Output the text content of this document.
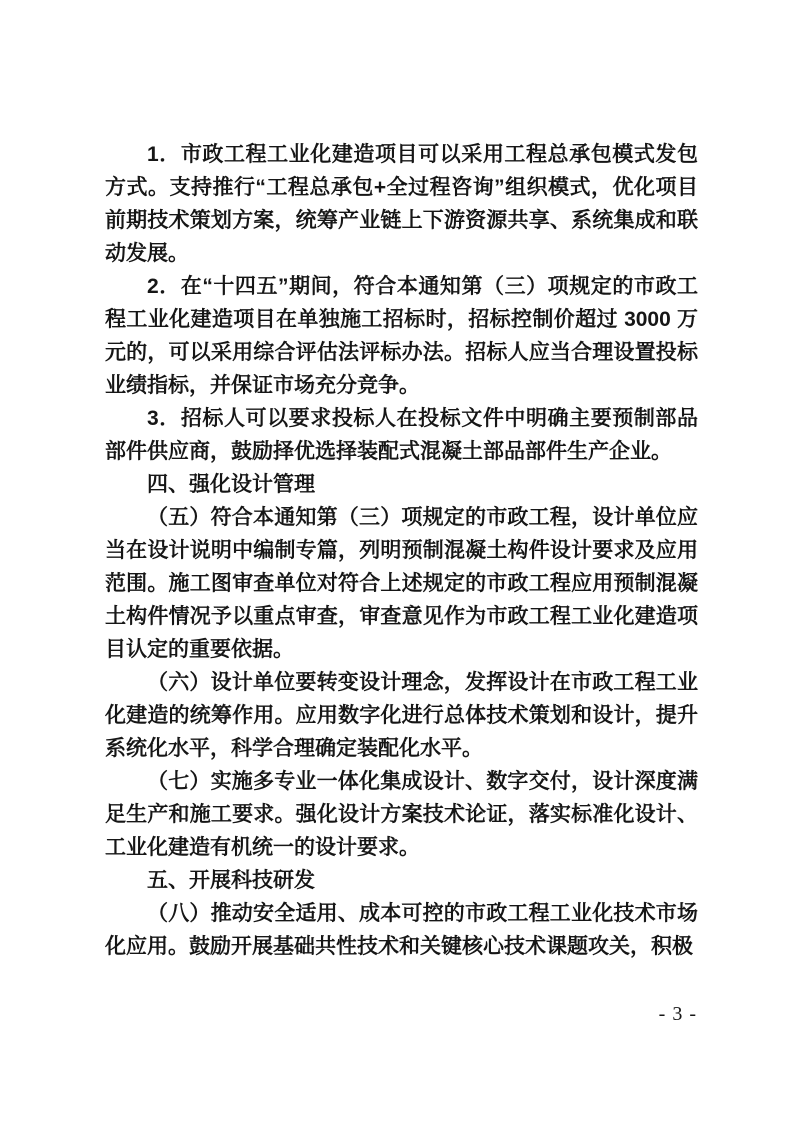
1．市政工程工业化建造项目可以采用工程总承包模式发包方式。支持推行“工程总承包+全过程咨询”组织模式，优化项目前期技术策划方案，统筹产业链上下游资源共享、系统集成和联动发展。

2．在“十四五”期间，符合本通知第（三）项规定的市政工程工业化建造项目在单独施工招标时，招标控制价超过 3000 万元的，可以采用综合评估法评标办法。招标人应当合理设置投标业绩指标，并保证市场充分竞争。

3．招标人可以要求投标人在投标文件中明确主要预制部品部件供应商，鼓励择优选择装配式混凝土部品部件生产企业。

四、强化设计管理

（五）符合本通知第（三）项规定的市政工程，设计单位应当在设计说明中编制专篇，列明预制混凝土构件设计要求及应用范围。施工图审查单位对符合上述规定的市政工程应用预制混凝土构件情况予以重点审查，审查意见作为市政工程工业化建造项目认定的重要依据。

（六）设计单位要转变设计理念，发挥设计在市政工程工业化建造的统筹作用。应用数字化进行总体技术策划和设计，提升系统化水平，科学合理确定装配化水平。

（七）实施多专业一体化集成设计、数字交付，设计深度满足生产和施工要求。强化设计方案技术论证，落实标准化设计、工业化建造有机统一的设计要求。

五、开展科技研发

（八）推动安全适用、成本可控的市政工程工业化技术市场化应用。鼓励开展基础共性技术和关键核心技术课题攻关，积极

- 3 -
